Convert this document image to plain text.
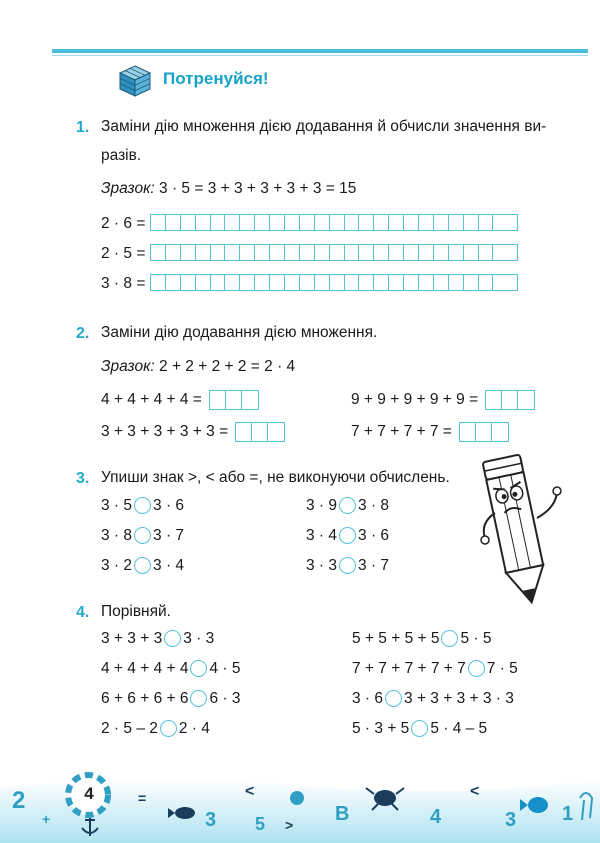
Потренуйся!
1. Заміни дію множення дією додавання й обчисли значення ви-
разів.
Зразок: 3 · 5 = 3 + 3 + 3 + 3 + 3 = 15
2 · 6 =
2 · 5 =
3 · 8 =
2. Заміни дію додавання дією множення.
Зразок: 2 + 2 + 2 + 2 = 2 · 4
4 + 4 + 4 + 4 =
3 + 3 + 3 + 3 + 3 =
9 + 9 + 9 + 9 + 9 =
7 + 7 + 7 + 7 =
3. Упиши знак >, < або =, не виконуючи обчислень.
3 · 5 3 · 6
3 · 8 3 · 7
3 · 2 3 · 4
3 · 9 3 · 8
3 · 4 3 · 6
3 · 3 3 · 7
4. Порівняй.
3 + 3 + 3 3 · 3
4 + 4 + 4 + 4 4 · 5
6 + 6 + 6 + 6 6 · 3
2 · 5 – 2 2 · 4
5 + 5 + 5 + 5 5 · 5
7 + 7 + 7 + 7 + 7 7 · 5
3 · 6 3 + 3 + 3 + 3 · 3
5 · 3 + 5 5 · 4 – 5
2
+
=
3
<
5 > В	4
<
3 1
4
